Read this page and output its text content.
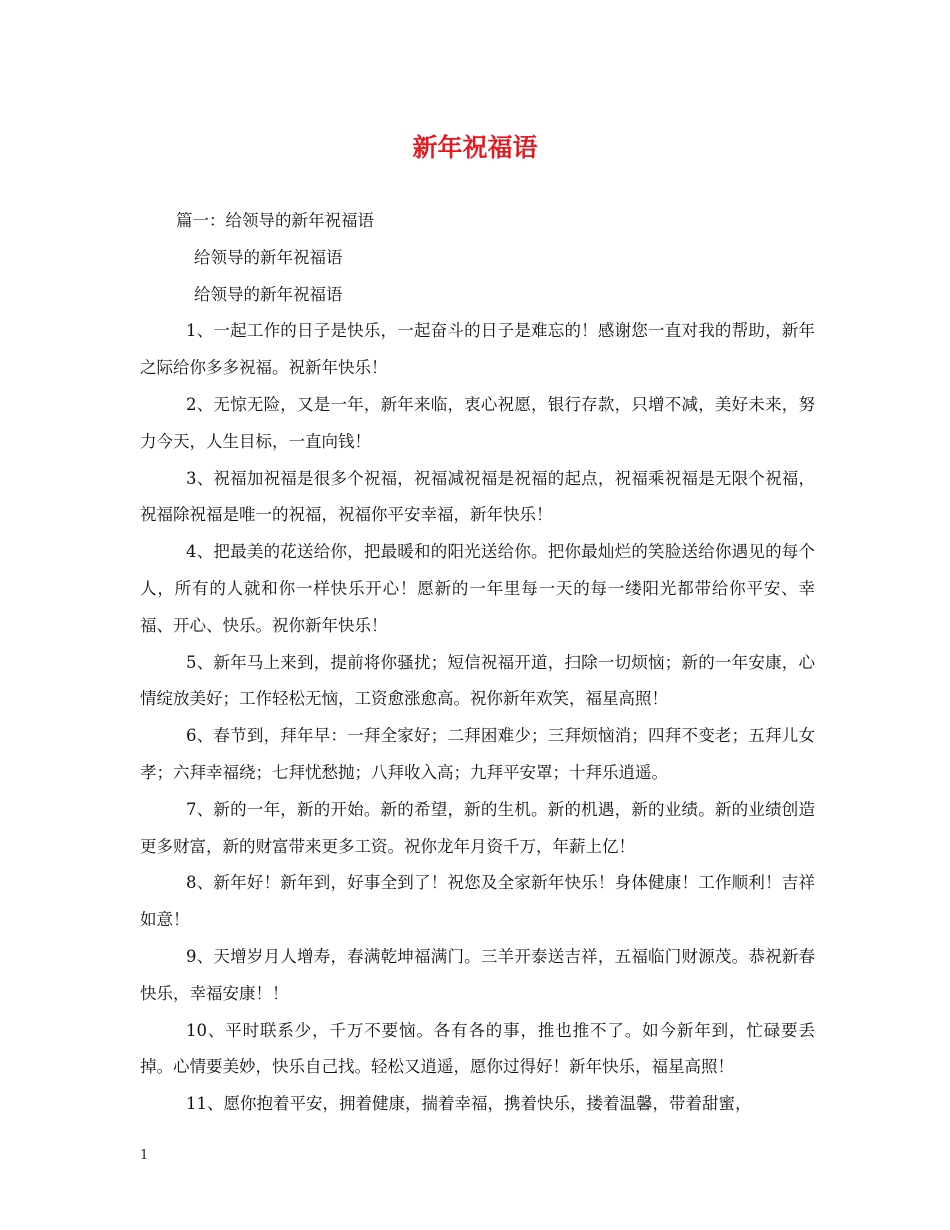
新年祝福语

篇一：给领导的新年祝福语

给领导的新年祝福语

给领导的新年祝福语

1、一起工作的日子是快乐，一起奋斗的日子是难忘的！感谢您一直对我的帮助，新年之际给你多多祝福。祝新年快乐！

2、无惊无险，又是一年，新年来临，衷心祝愿，银行存款，只增不减，美好未来，努力今天，人生目标，一直向钱！

3、祝福加祝福是很多个祝福，祝福减祝福是祝福的起点，祝福乘祝福是无限个祝福，祝福除祝福是唯一的祝福，祝福你平安幸福，新年快乐！

4、把最美的花送给你，把最暖和的阳光送给你。把你最灿烂的笑脸送给你遇见的每个人，所有的人就和你一样快乐开心！愿新的一年里每一天的每一缕阳光都带给你平安、幸福、开心、快乐。祝你新年快乐！

5、新年马上来到，提前将你骚扰；短信祝福开道，扫除一切烦恼；新的一年安康，心情绽放美好；工作轻松无恼，工资愈涨愈高。祝你新年欢笑，福星高照！

6、春节到，拜年早：一拜全家好；二拜困难少；三拜烦恼消；四拜不变老；五拜儿女孝；六拜幸福绕；七拜忧愁抛；八拜收入高；九拜平安罩；十拜乐逍遥。

7、新的一年，新的开始。新的希望，新的生机。新的机遇，新的业绩。新的业绩创造更多财富，新的财富带来更多工资。祝你龙年月资千万，年薪上亿！

8、新年好！新年到，好事全到了！祝您及全家新年快乐！身体健康！工作顺利！吉祥如意！

9、天增岁月人增寿，春满乾坤福满门。三羊开泰送吉祥，五福临门财源茂。恭祝新春快乐，幸福安康！！

10、平时联系少，千万不要恼。各有各的事，推也推不了。如今新年到，忙碌要丢掉。心情要美妙，快乐自己找。轻松又逍遥，愿你过得好！新年快乐，福星高照！

11、愿你抱着平安，拥着健康，揣着幸福，携着快乐，搂着温馨，带着甜蜜，

1
